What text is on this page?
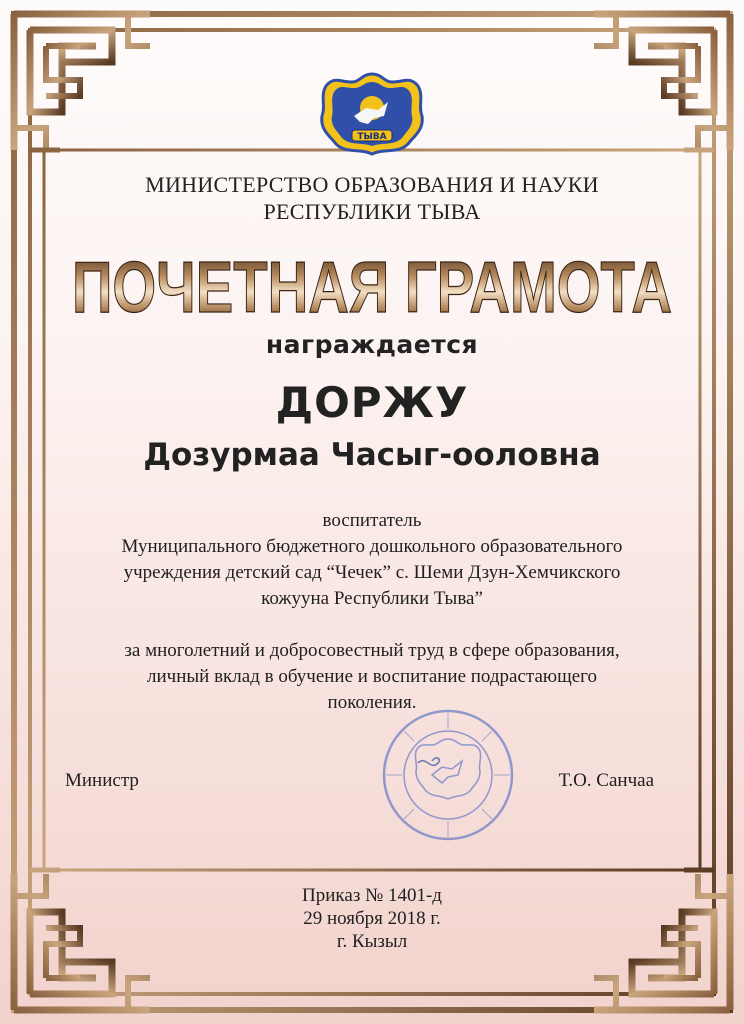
ТЫВА
МИНИСТЕРСТВО ОБРАЗОВАНИЯ И НАУКИ
РЕСПУБЛИКИ ТЫВА
ПОЧЕТНАЯ ГРАМОТА
награждается
ДОРЖУ
Дозурмаа Часыг-ооловна
воспитатель
Муниципального бюджетного дошкольного образовательного
учреждения детский сад “Чечек” с. Шеми Дзун-Хемчикского
кожууна Республики Тыва”
за многолетний и добросовестный труд в сфере образования,
личный вклад в обучение и воспитание подрастающего
поколения.
Министр	Т.О. Санчаа
Приказ № 1401-д
29 ноября 2018 г.
г. Кызыл
